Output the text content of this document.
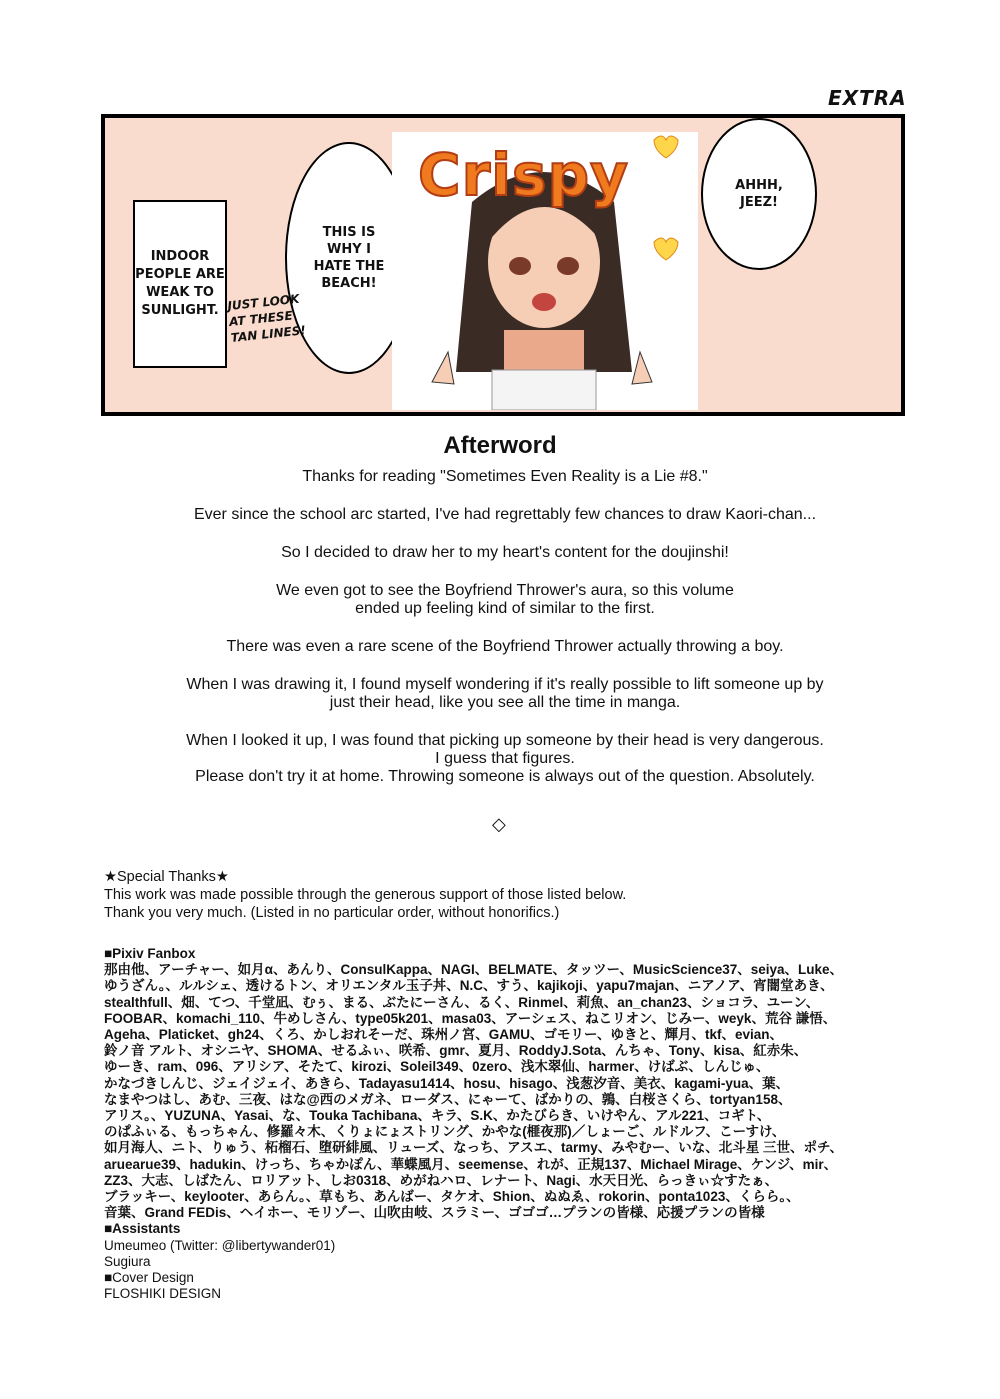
EXTRA
INDOOR PEOPLE ARE WEAK TO SUNLIGHT.
THIS IS WHY I HATE THE BEACH!
JUST LOOK AT THESE TAN LINES!
Crispy	AHHH, JEEZ!
Afterword

Thanks for reading "Sometimes Even Reality is a Lie #8."

Ever since the school arc started, I've had regrettably few chances to draw Kaori-chan...

So I decided to draw her to my heart's content for the doujinshi!

We even got to see the Boyfriend Thrower's aura, so this volume
ended up feeling kind of similar to the first.

There was even a rare scene of the Boyfriend Thrower actually throwing a boy.

When I was drawing it, I found myself wondering if it's really possible to lift someone up by
just their head, like you see all the time in manga.

When I looked it up, I was found that picking up someone by their head is very dangerous.
I guess that figures.
Please don't try it at home. Throwing someone is always out of the question. Absolutely.

◇
★Special Thanks★
This work was made possible through the generous support of those listed below.
Thank you very much. (Listed in no particular order, without honorifics.)
■Pixiv Fanbox
那由他、アーチャー、如月α、あんり、ConsulKappa、NAGI、BELMATE、タッツー、MusicScience37、seiya、Luke、
ゆうざん。、ルルシェ、透けるトン、オリエンタル玉子丼、N.C、すう、kajikoji、yapu7majan、ニアノア、宵闇堂あき、
stealthfull、畑、てつ、千堂凪、むぅ、まる、ぶたにーさん、るく、Rinmel、莉魚、an_chan23、ショコラ、ユーン、
FOOBAR、komachi_110、牛めしさん、type05k201、masa03、アーシェス、ねこリオン、じみー、weyk、荒谷 謙悟、
Ageha、Platicket、gh24、くろ、かしおれそーだ、珠州ノ宮、GAMU、ゴモリー、ゆきと、輝月、tkf、evian、
鈴ノ音 アルト、オシニヤ、SHOMA、せるふぃ、咲希、gmr、夏月、RoddyJ.Sota、んちゃ、Tony、kisa、紅赤朱、
ゆーき、ram、096、アリシア、そたて、kirozi、Soleil349、0zero、浅木翠仙、harmer、けばぶ、しんじゅ、
かなづきしんじ、ジェイジェイ、あきら、Tadayasu1414、hosu、hisago、浅葱汐音、美衣、kagami-yua、葉、
なまやつはし、あむ、三夜、はな@西のメガネ、ローダス、にゃーて、ばかりの、鶉、白桜さくら、tortyan158、
アリス。、YUZUNA、Yasai、な、Touka Tachibana、キラ、S.K、かたびらき、いけやん、アル221、コギト、
のぱふぃる、もっちゃん、修羅々木、くりょにょストリング、かやな(榧夜那)／しょーご、ルドルフ、こーすけ、
如月海人、ニト、りゅう、柘榴石、堕研緋風、リューズ、なっち、アスエ、tarmy、みやむー、いな、北斗星 三世、ポチ、
aruearue39、hadukin、けっち、ちゃかぽん、華蝶風月、seemense、れが、正規137、Michael Mirage、ケンジ、mir、
ZZ3、大志、しばたん、ロリアット、しお0318、めがねハロ、レナート、Nagi、水天日光、らっきぃ☆すたぁ、
ブラッキー、keylooter、あらん。、草もち、あんばー、タケオ、Shion、ぬぬゑ、rokorin、ponta1023、くらら。、
音葉、Grand FEDis、ヘイホー、モリゾー、山吹由岐、スラミー、ゴゴゴ…プランの皆様、応援プランの皆様
■Assistants
Umeumeo (Twitter: @libertywander01)
Sugiura
■Cover Design
FLOSHIKI DESIGN
